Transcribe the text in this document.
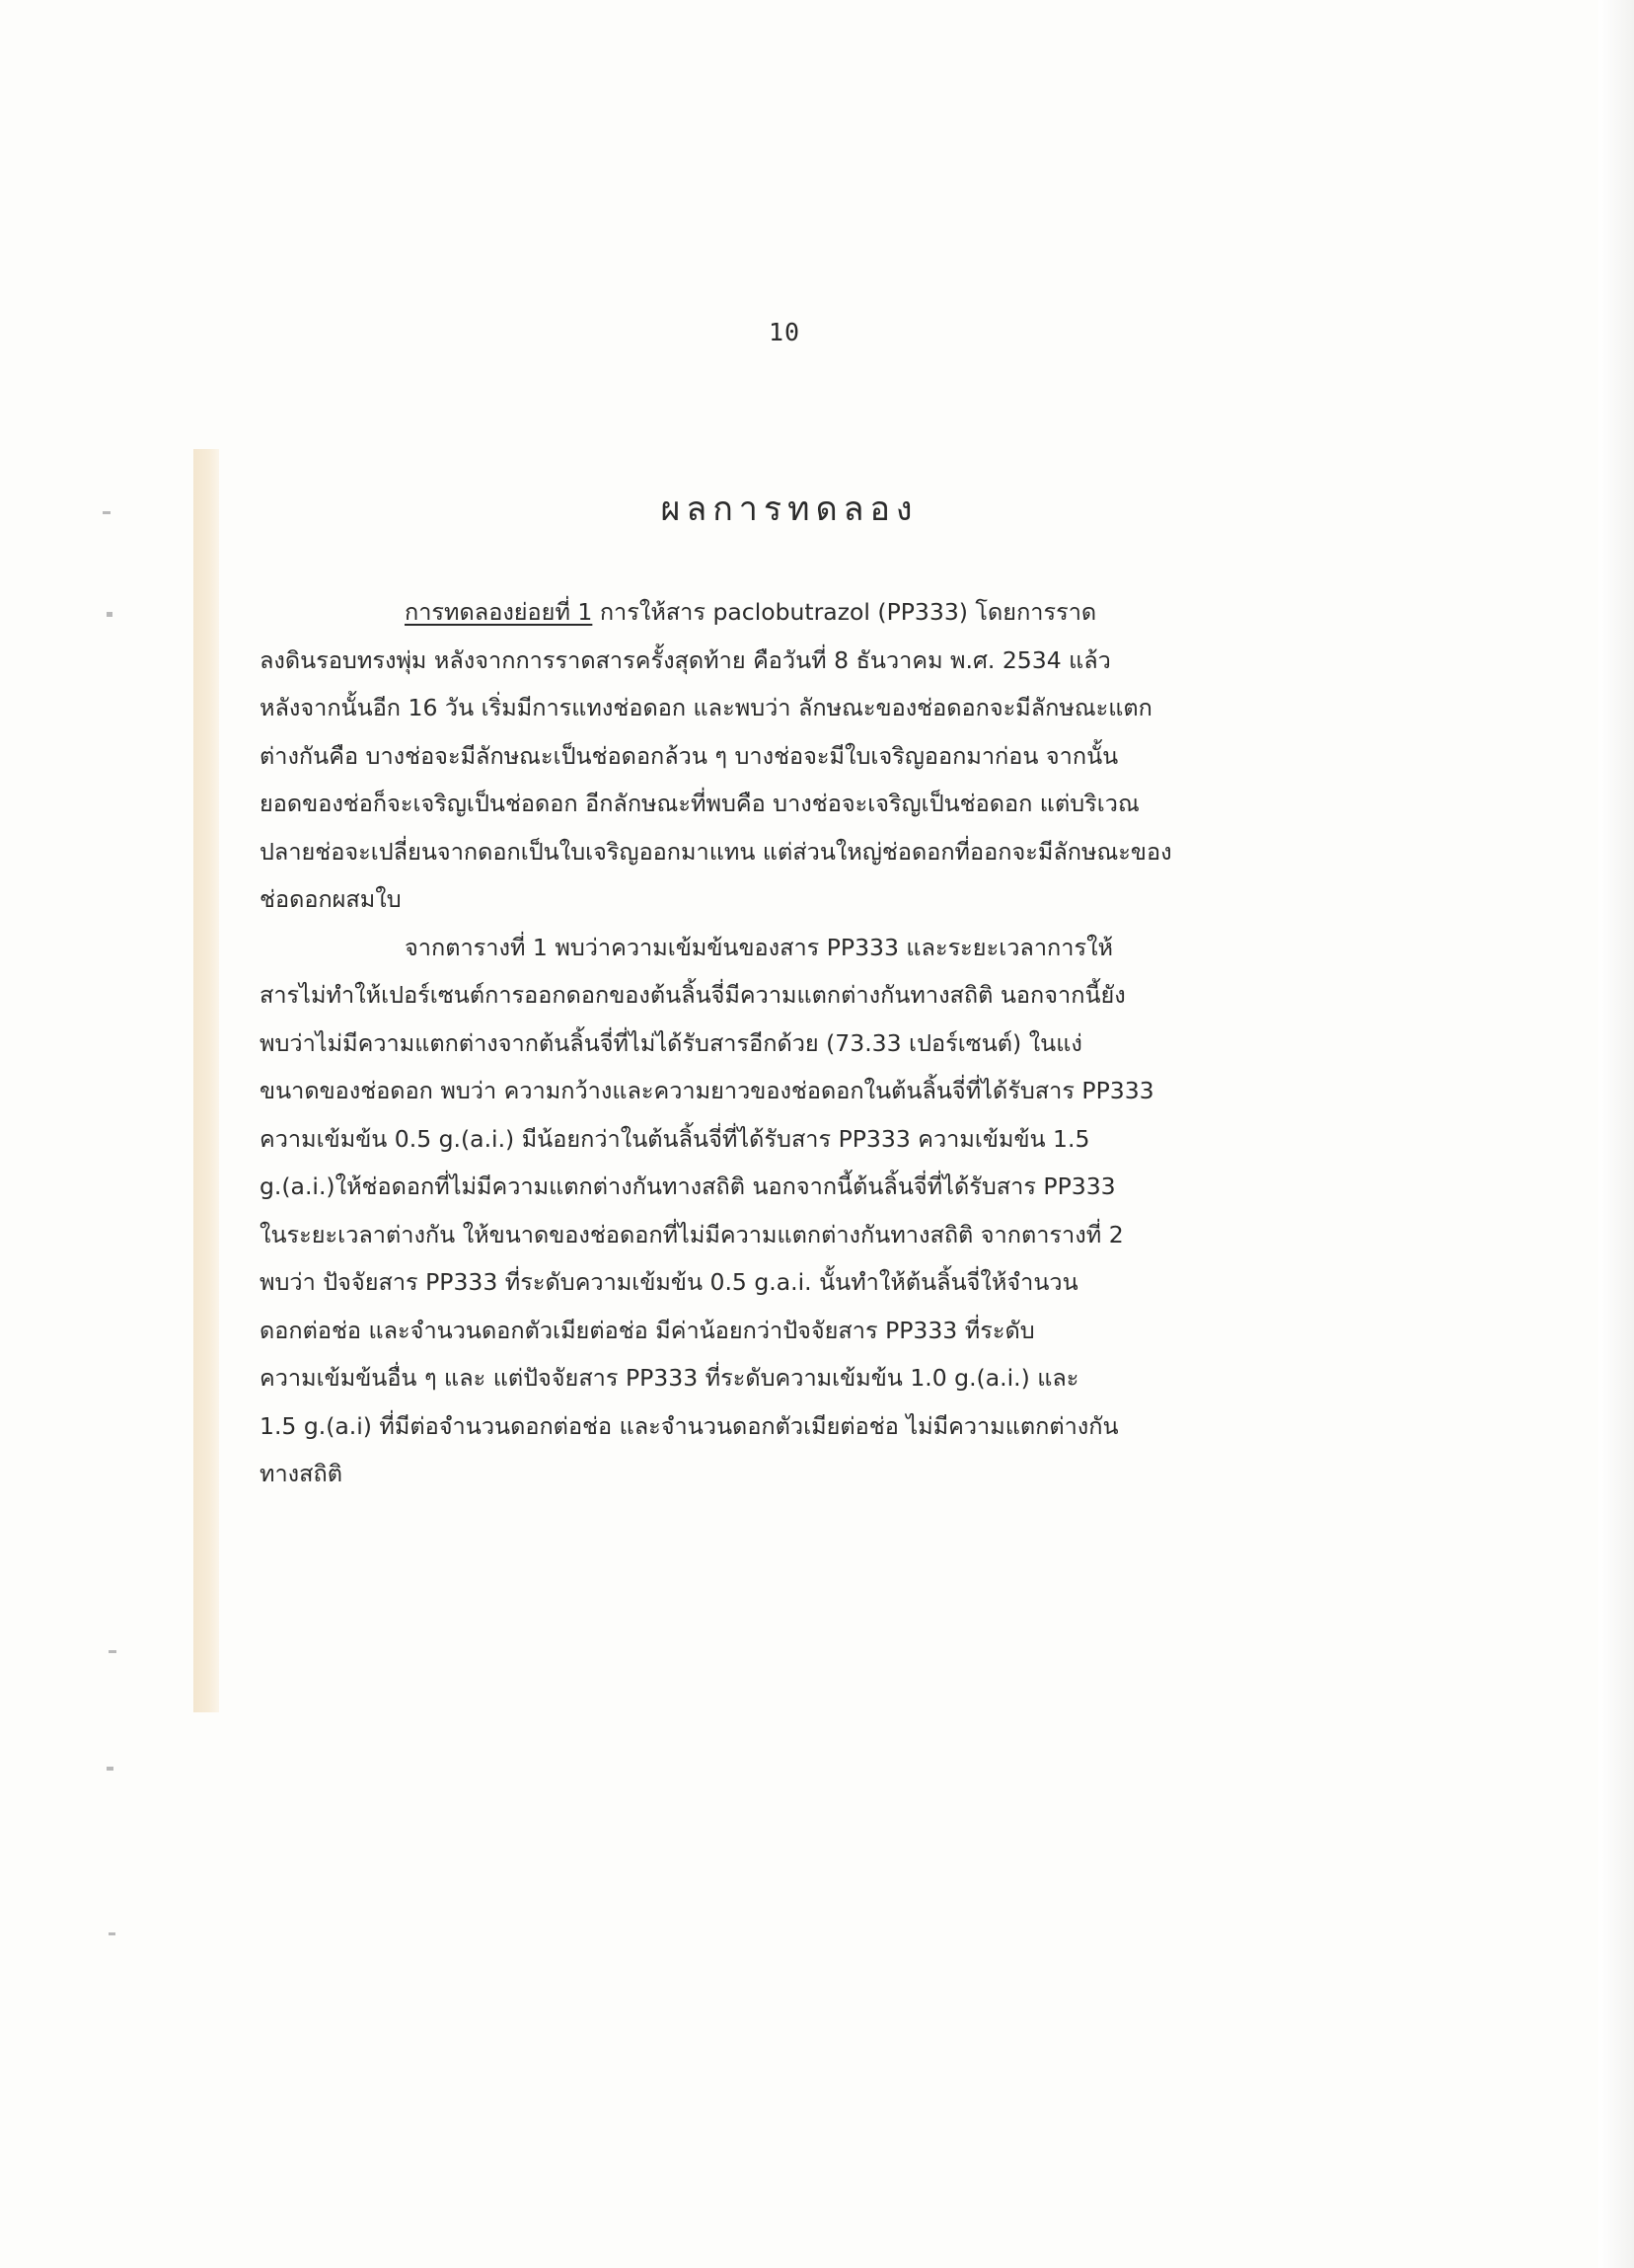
10
ผลการทดลอง
การทดลองย่อยที่ 1 การให้สาร paclobutrazol (PP333) โดยการราด
ลงดินรอบทรงพุ่ม หลังจากการราดสารครั้งสุดท้าย คือวันที่ 8 ธันวาคม พ.ศ. 2534 แล้ว
หลังจากนั้นอีก 16 วัน เริ่มมีการแทงช่อดอก และพบว่า ลักษณะของช่อดอกจะมีลักษณะแตก
ต่างกันคือ บางช่อจะมีลักษณะเป็นช่อดอกล้วน ๆ บางช่อจะมีใบเจริญออกมาก่อน จากนั้น
ยอดของช่อก็จะเจริญเป็นช่อดอก อีกลักษณะที่พบคือ บางช่อจะเจริญเป็นช่อดอก แต่บริเวณ
ปลายช่อจะเปลี่ยนจากดอกเป็นใบเจริญออกมาแทน แต่ส่วนใหญ่ช่อดอกที่ออกจะมีลักษณะของ
ช่อดอกผสมใบ
จากตารางที่ 1 พบว่าความเข้มข้นของสาร PP333 และระยะเวลาการให้
สารไม่ทำให้เปอร์เซนต์การออกดอกของต้นลิ้นจี่มีความแตกต่างกันทางสถิติ นอกจากนี้ยัง
พบว่าไม่มีความแตกต่างจากต้นลิ้นจี่ที่ไม่ได้รับสารอีกด้วย (73.33 เปอร์เซนต์) ในแง่
ขนาดของช่อดอก พบว่า ความกว้างและความยาวของช่อดอกในต้นลิ้นจี่ที่ได้รับสาร PP333
ความเข้มข้น 0.5 g.(a.i.) มีน้อยกว่าในต้นลิ้นจี่ที่ได้รับสาร PP333 ความเข้มข้น 1.5
g.(a.i.)ให้ช่อดอกที่ไม่มีความแตกต่างกันทางสถิติ นอกจากนี้ต้นลิ้นจี่ที่ได้รับสาร PP333
ในระยะเวลาต่างกัน ให้ขนาดของช่อดอกที่ไม่มีความแตกต่างกันทางสถิติ จากตารางที่ 2
พบว่า ปัจจัยสาร PP333 ที่ระดับความเข้มข้น 0.5 g.a.i. นั้นทำให้ต้นลิ้นจี่ให้จำนวน
ดอกต่อช่อ และจำนวนดอกตัวเมียต่อช่อ มีค่าน้อยกว่าปัจจัยสาร PP333 ที่ระดับ
ความเข้มข้นอื่น ๆ และ แต่ปัจจัยสาร PP333 ที่ระดับความเข้มข้น 1.0 g.(a.i.) และ
1.5 g.(a.i) ที่มีต่อจำนวนดอกต่อช่อ และจำนวนดอกตัวเมียต่อช่อ ไม่มีความแตกต่างกัน
ทางสถิติ
